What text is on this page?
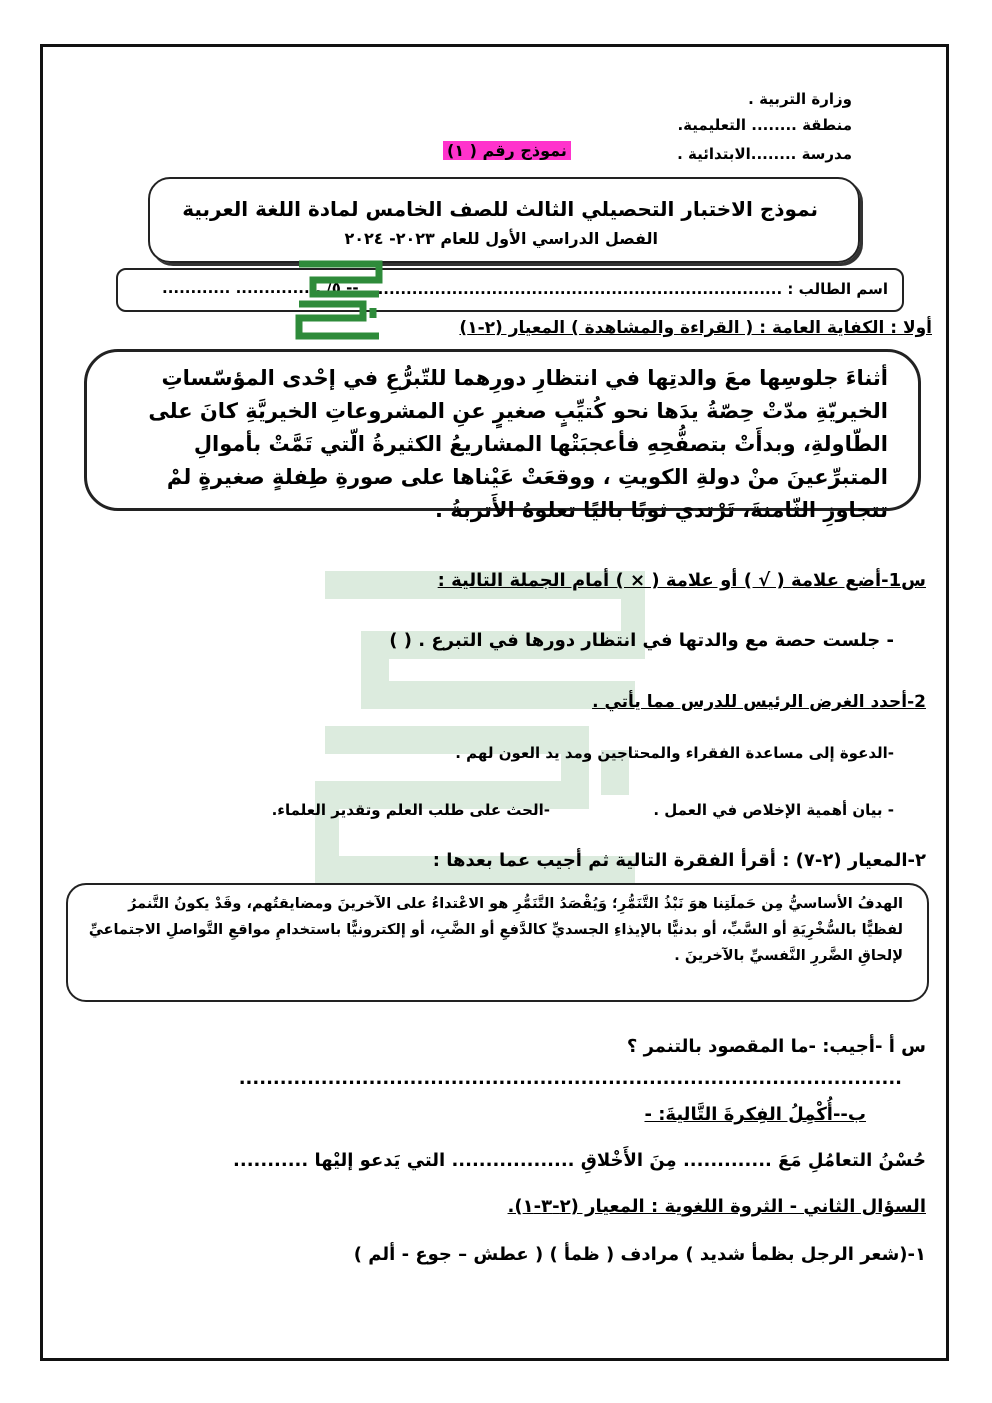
وزارة التربية .
منطقة ........ التعليمية.
مدرسة ........الابتدائية .
نموذج رقم ( ١)
نموذج الاختبار التحصيلي الثالث للصف الخامس لمادة اللغة العربية
الفصل الدراسي الأول للعام ٢٠٢٣- ٢٠٢٤
اسم الطالب : ..........................................................................
-- ٥/ ............... ............
أولا : الكفاية العامة : ( القراءة والمشاهدة ) المعيار (٢-١)
أثناءَ جلوسِها معَ والدتِها في انتظارِ دورِهما للتّبرُّعِ في إحْدى المؤسّساتِ الخيريّةِ مدّتْ حِصّةُ يدَها نحو كُتيِّبٍ صغيرٍ عنِ المشروعاتِ الخيريَّةِ كانَ على الطّاولةِ، وبدأَتْ بتصفُّحِهِ فأعجبَتْها المشاريعُ الكثيرةُ الّتي تَمَّتْ بأموالِ المتبرِّعينَ منْ دولةِ الكويتِ ، ووقعَتْ عَيْناها على صورةِ طِفلةٍ صغيرةٍ لمْ تتجاوزِ الثّامنةَ، تَرْتدي ثوبًا باليًا تعلوهُ الأَتربةُ .
س1-أضع علامة ( √ ) أو علامة ( × ) أمام الجملة التالية :
- جلست حصة مع والدتها في انتظار دورها في التبرع . ( )
2-أحدد الغرض الرئيس للدرس مما يأتي .
-الدعوة إلى مساعدة الفقراء والمحتاجين ومد يد العون لهم .
- بيان أهمية الإخلاص في العمل .
-الحث على طلب العلم وتقدير العلماء.
٢-المعيار (٢-٧) : أقرأ الفقرة التالية ثم أجيب عما بعدها :
الهدفُ الأساسيُّ مِن حَملَتِنا هوَ نَبْذُ التَّنَمُّرِ؛ وَيُقْصَدُ التَّنَمُّرِ هو الاعْتداءُ على الآخرينَ ومضايقتُهم، وقَدْ يكونُ التَّنمرُ لفظيًّا بالسُّخْرِيَةِ أو السَّبِّ، أو بدنيًّا بالإيذاءِ الجسديِّ كالدَّفعِ أو الضَّبِ، أو إلكترونيًّا باستخدامِ مواقعِ التَّواصلِ الاجتماعيِّ لإلحاقِ الضَّررِ النَّفسيِّ بالآخرينَ .
س أ -أجيب: -ما المقصود بالتنمر ؟
.................................................................................................
ب--أُكْمِلُ الفِكرةَ التَّاليةَ: -
حُسْنُ التعامُلِ مَعَ ............. مِنَ الأَخْلاقِ .................. التي يَدعو إليْها ...........
السؤال الثاني - الثروة اللغوية : المعيار (٢-٣-١).
١-(شعر الرجل بظمأ شديد ) مرادف ( ظمأ ) ( عطش – جوع - ألم )
